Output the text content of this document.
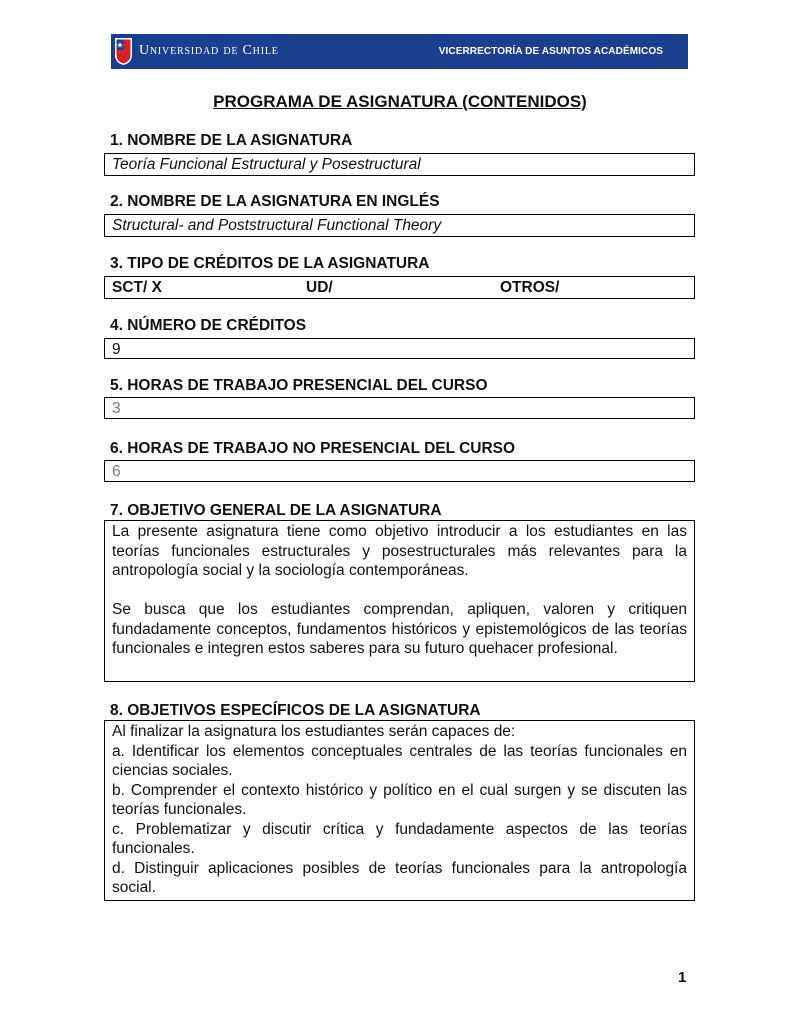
Universidad de Chile	VICERRECTORÍA DE ASUNTOS ACADÉMICOS
PROGRAMA DE ASIGNATURA (CONTENIDOS)
1. NOMBRE DE LA ASIGNATURA
Teoría Funcional Estructural y Posestructural
2. NOMBRE DE LA ASIGNATURA EN INGLÉS
Structural- and Poststructural Functional Theory
3. TIPO DE CRÉDITOS DE LA ASIGNATURA
SCT/ X	UD/	OTROS/
4. NÚMERO DE CRÉDITOS
9
5. HORAS DE TRABAJO PRESENCIAL DEL CURSO
3
6. HORAS DE TRABAJO NO PRESENCIAL DEL CURSO
6
7. OBJETIVO GENERAL DE LA ASIGNATURA
La presente asignatura tiene como objetivo introducir a los estudiantes en las teorías funcionales estructurales y posestructurales más relevantes para la antropología social y la sociología contemporáneas.
Se busca que los estudiantes comprendan, apliquen, valoren y critiquen fundadamente conceptos, fundamentos históricos y epistemológicos de las teorías funcionales e integren estos saberes para su futuro quehacer profesional.
8. OBJETIVOS ESPECÍFICOS DE LA ASIGNATURA
Al finalizar la asignatura los estudiantes serán capaces de:
a. Identificar los elementos conceptuales centrales de las teorías funcionales en ciencias sociales.
b. Comprender el contexto histórico y político en el cual surgen y se discuten las teorías funcionales.
c. Problematizar y discutir crítica y fundadamente aspectos de las teorías funcionales.
d. Distinguir aplicaciones posibles de teorías funcionales para la antropología social.
1
